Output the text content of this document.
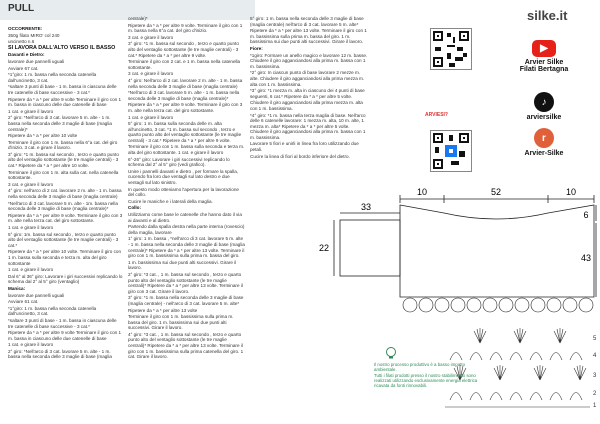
PULL

OCCORRENTE:

350g filato MIRO' col 240

uncinetto n.6

SI LAVORA DALL'ALTO VERSO IL BASSO

Davanti e Dietro:

lavorare due pannelli uguali

Avviare 67 cat.

*1°giro: 1 m. bassa nella seconda catenella dall'uncinetto, 3 cat.

*saltare 3 punti di base - 1 m. bassa in ciascuna delle tre catenelle di base successive - 3 cat.*

Ripetere da * a * per altre 9 volte Terminare il giro con 1 m. bassa in ciascuno delle due catenelle di base

1 cat. e girare il lavoro

2° giro: *Nell'arco di 3 cat. lavorare 5 m. alte - 1 m. bassa nella seconda delle 3 maglie di base (maglia centrale)*

Ripetere da * a * per altre 10 volte

Terminare il giro con 1 m. bassa nella 6°a cat. del giro d'inizio. 3 cat. e girare il lavoro.

3° giro: *1 m. bassa sul secondo , terzo e quarto punto alto del ventaglio sottostante (le tre maglie centrali) - 3 cat.* Ripetere da * a * per altre 10 volte.

Terminare il giro con 1 m. alta sulla cat. nella catenella sottostante.

3 cat. e girare il lavoro

4° giro: nell'arco di 2 cat. lavorare 2 m. alte - 1 m. bassa nella seconda delle 3 maglie di base (maglia centrale)

*Nell'arco di 3 cat. lavorare 5 m. alte - 1m. bassa nella seconda delle 3 maglie di base (maglia centrale)*

Ripetere da * a * per altre 9 volte. Terminare il giro con 3 m. alte nella terza cat. del giro sottostante.

1 cat. e girare il lavoro

5° giro: 1m. bassa sul secondo , terzo e quarto punto alto del ventaglio sottostante (le tre maglie centrali) - 3 cat.*

Ripetere da * a * per altre 10 volte. Terminare il giro con 1 m. bassa sulla seconda e terza m. alta del giro sottostante

1 cat. e girare il lavoro

Dal 6° al 36° giro: Lavorare i giri successivi replicando lo schema dal 2° al 5° giro (ventaglio)

Manica:

lavorare due pannelli uguali

Avviare 61 cat.

*1°giro: 1 m. bassa nella seconda catenella dall'uncinetto, 3 cat.

*saltare 3 punti di base - 1 m. bassa in ciascuna delle tre catenelle di base successive - 3 cat.*

Ripetere da * a * per altre 9 volte Terminare il giro con 1 m. bassa in ciascuno delle due catenelle di base

1 cat. e girare il lavoro

2° giro: *Nell'arco di 3 cat. lavorare 5 m. alte - 1 m. bassa nella seconda delle 3 maglie di base (maglia

centrale)*

Ripetere da * a * per altre 9 volte. Terminare il giro con 1 m. bassa nella 6°a cat. del giro d'inizio.

3 cat. e girare il lavoro

3° giro: *1 m. bassa sul secondo , terzo e quarto punto alto del ventaglio sottostante (le tre maglie centrali) - 3 cat.* Ripetere da * a * per altre 9 volte.

Terminare il giro con 2 cat. e 1 m. bassa nella catenella sottostante.

3 cat. e girare il lavoro

4° giro: Nell'arco di 2 cat. lavorare 2 m. alte - 1 m. bassa nella seconda delle 3 maglie di base (maglia centrale)

*Nell'arco di 3 cat. lavorare 5 m. alte - 1 m. bassa nella seconda delle 3 maglie di base (maglia centrale)*

Ripetere da * a * per altre 9 volte. Terminare il giro con 3 m. alte nella terza cat. del giro sottostante.

1 cat. e girare il lavoro

5° giro: 1 m. bassa sulla seconda delle m. alta all'uncinetto, 3 cat. *1 m. bassa sul secondo , terzo e quarto punto alto del ventaglio sottostante (le tre maglie centrali) - 3 cat.* Ripetere da * a * per altre 9 volte.

Terminare il giro con 1 m. bassa sulla seconda e terza m. alta del giro sottostante. 1 cat. e girare il lavoro

6°-26° giro: Lavorare i giri successivi replicando lo schema dal 2° al 5° giro (vedi grafico).

Unire i pannelli davanti e dietro , per formare la spalla, cucendo fra loro due ventagli sul lato destro e due ventagli sul lato sinistro.

In questo modo otteniamo l'apertura per la lavorazione del collo.

Cucire le maniche e i laterali della maglia.

Collo:

Utilizziamo come base le catenelle che hanno dato il via ai davanti e al dietro.

Partendo dalla spalla destra nella parte interna (rovescio) della maglia, lavorare

1° giro: 1 m. bassa , *nell'arco di 3 cat. lavorare 5 m. alte - 1 m. bassa nella seconda delle 3 maglie di base (maglia centrale)* Ripetere da * a * per altre 13 volte. Terminare il giro con 1 m. bassissima sulla prima m. bassa del giro.

1 m. bassissima sui due punti alti successivi. Girare il lavoro.

2° giro: *3 cat. , 1 m. bassa sul secondo , terzo e quarto punto alto del ventaglio sottostante (le tre maglie centrali)* Ripetere da * a * per altre 13 volte. Terminare il giro con 3 cat. Girare il lavoro.

3° giro: *1 m. bassa nella seconda delle 3 maglie di base (maglia centrale) - nell'arco di 3 cat. lavorare 5 m. alte*

Ripetere da * a * per altre 13 volte

Terminare il giro con 1 m. bassissima sulla prima m. bassa del giro. 1 m. bassissima sui due punti alti successivi. Girare il lavoro.

4° giro: *3 cat. , 1 m. bassa sul secondo , terzo e quarto punto alto del ventaglio sottostante (le tre maglie centrali)* Ripetere da * a * per altre 13 volte. Terminare il giro con 1 m. bassissima sulla prima catenella del giro. 1 cat. Girare il lavoro.

5° giro: 1 m. bassa nella seconda delle 3 maglie di base (maglia centrale) nell'arco di 3 cat. lavorare 5 m. alte*

Ripetere da * a * per altre 13 volte. Terminare il giro con 1 m. bassissima sulla prima m. bassa del giro. 1 m. bassissima sui due punti alti successivi. Girare il lavoro.

Fiore:

*1giro: Formare un anello magico e lavorare 12 m. basse. Chiudere il giro agganciandosi alla prima m. bassa con 1 m. bassissima.

*2° giro: In ciascun punto di base lavorare 2 mezze m. alte. Chiudere il giro agganciandosi alla prima mezza m. alta con 1 m. bassissima.

*3° giro: *1 mezza m. alta in ciascuno dei 4 punti di base seguenti, 6 cat.* Ripetere da * a * per altre 5 volte.

Chiudere il giro agganciandosi alla prima mezza m. alta con 1 m. bassissima.

*4° giro: *1 m. bassa nella terza maglia di base. Nell'arco delle 6 catenelle lavorare: 1 mezza m. alta, 10 m. alte, 1 mezza m. alta* Ripetere da * a * per altre 5 volte. Chiudere il giro agganciandosi alla prima m. bassa con 1 m. bassissima.

Lavorare 5 fiori e unirli in linea fra loro utilizzando due petali.

Cucire la linea di fiori al bordo inferiore del dietro.

silke.it
ARVIESI?
▶
Arvier Silke
Filati Bertagna
♪
arviersilke
r
Arvier-Silke
10	52	10
33
22
6
43
1
2
3
4
5
Il nostro processo produttivo è a basso impatto ambientale.
Tutti i filati prodotti presso il nostro stabilimento sono realizzati utilizzando esclusivamente energia elettrica ricavata da fonti rinnovabili.
